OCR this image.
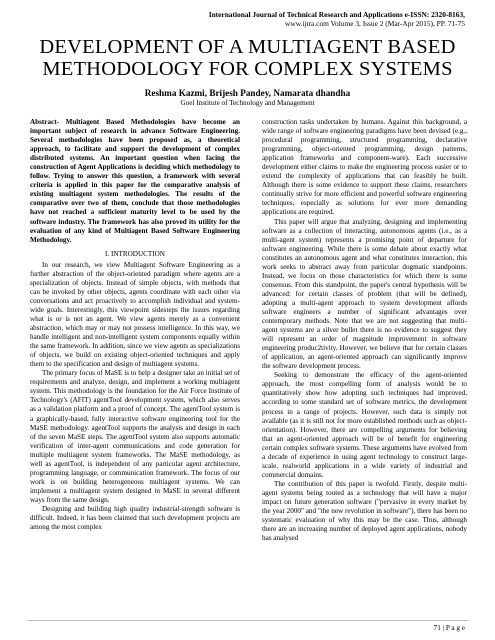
International Journal of Technical Research and Applications e-ISSN: 2320-8163,
www.ijtra.com Volume 3, Issue 2 (Mar-Apr 2015), PP. 71-75
DEVELOPMENT OF A MULTIAGENT BASED METHODOLOGY FOR COMPLEX SYSTEMS
Reshma Kazmi, Brijesh Pandey, Namarata dhandha
Goel Institute of Technology and Management

Abstract- Multiagent Based Methodologies have become an important subject of research in advance Software Engineering. Several methodologies have been proposed as, a theoretical approach, to facilitate and support the development of complex distributed systems. An important question when facing the construction of Agent Applications is deciding which methodology to follow. Trying to answer this question, a framework with several criteria is applied in this paper for the comparative analysis of existing multiagent system methodologies. The results of the comparative over two of them, conclude that those methodologies have not reached a sufficient maturity level to be used by the software industry. The framework has also proved its utility for the evaluation of any kind of Multiagent Based Software Engineering Methodology.

I. INTRODUCTION

In our research, we view Multiagent Software Engineering as a further abstraction of the object-oriented paradigm where agents are a specialization of objects. Instead of simple objects, with methods that can be invoked by other objects, agents coordinate with each other via conversations and act proactively to accomplish individual and system-wide goals. Interestingly, this viewpoint sidesteps the issues regarding what is or is not an agent. We view agents merely as a convenient abstraction, which may or may not possess intelligence. In this way, we handle intelligent and non-intelligent system components equally within the same framework. In addition, since we view agents as specializations of objects, we build on existing object-oriented techniques and apply them to the specification and design of multiagent systems.

The primary focus of MaSE is to help a designer take an initial set of requirements and analyze, design, and implement a working multiagent system. This methodology is the foundation for the Air Force Institute of Technology's (AFIT) agentTool development system, which also serves as a validation platform and a proof of concept. The agentTool system is a graphically-based, fully interactive software engineering tool for the MaSE methodology. agentTool supports the analysis and design in each of the seven MaSE steps. The agentTool system also supports automatic verification of inter-agent communications and code generation for multiple multiagent system frameworks. The MaSE methodology, as well as agentTool, is independent of any particular agent architecture, programming language, or communication framework. The focus of our work is on building heterogeneous multiagent systems. We can implement a multiagent system designed in MaSE in several different ways from the same design.

Designing and building high quality industrial-strength software is difficult. Indeed, it has been claimed that such development projects are among the most complex

construction tasks undertaken by humans. Against this background, a wide range of software engineering paradigms have been devised (e.g., procedural programming, structured programming, declarative programming, object-oriented programming, design patterns, application frameworks and component-ware). Each successive development either claims to make the engineering process easier or to extend the complexity of applications that can feasibly be built. Although there is some evidence to support these claims, researchers continually strive for more efficient and powerful software engineering techniques, especially as solutions for ever more demanding applications are required.

This paper will argue that analyzing, designing and implementing software as a collection of interacting, autonomous agents (i.e., as a multi-agent system) represents a promising point of departure for software engineering. While there is some debate about exactly what constitutes an autonomous agent and what constitutes interaction, this work seeks to abstract away from particular dogmatic standpoints. Instead, we focus on those characteristics for which there is some consensus. From this standpoint, the paper's central hypothesis will be advanced: for certain classes of problem (that will be defined), adopting a multi-agent approach to system development affords software engineers a number of significant advantages over contemporary methods. Note that we are not suggesting that multi-agent systems are a silver bullet there is no evidence to suggest they will represent an order of magnitude improvement in software engineering produc2tivity. However, we believe that for certain classes of application, an agent-oriented approach can significantly improve the software development process.

Seeking to demonstrate the efficacy of the agent-oriented approach, the most compelling form of analysis would be to quantitatively show how adopting such techniques had improved, according to some standard set of software metrics, the development process in a range of projects. However, such data is simply not available (as it is still not for more established methods such as object-orientation). However, there are compelling arguments for believing that an agent-oriented approach will be of benefit for engineering certain complex software systems. These arguments have evolved from a decade of experience in using agent technology to construct large-scale, realworld applications in a wide variety of industrial and commercial domains.

The contribution of this paper is twofold. Firstly, despite multi-agent systems being touted as a technology that will have a major impact on future generation software ("pervasive in every market by the year 2000" and "the new revolution in software"), there has been no systematic evaluation of why this may be the case. Thus, although there are an increasing number of deployed agent applications, nobody has analysed

71 | P a g e
